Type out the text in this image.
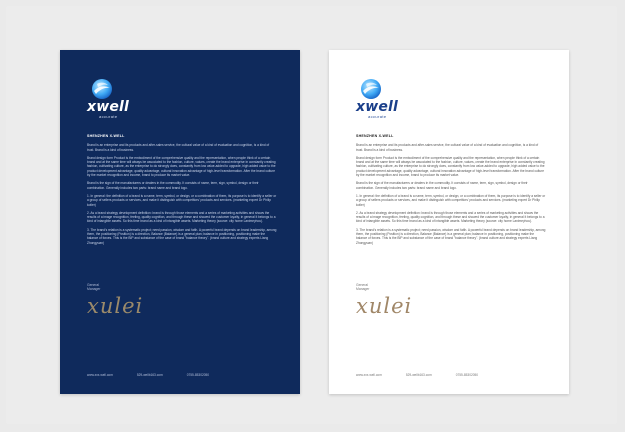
xwell
accurate
SHENZHEN X-WELL

Brand is an enterprise and its products and after-sales service, the cultural value of a kind of evaluation and cognition, is a kind of trust. Brand is a kind of business.

Brand design form Product is the embodiment of the comprehensive quality and the representation, when people think of a certain brand and at the same time will always be associated to the fashion, culture, values, create the brand enterprise in constantly creating fashion, cultivating culture, as the enterprise to do strongly does, constantly from low value-added to upgrade, high added value to the product development advantage, quality advantage, cultural innovation advantage of high-level transformation. After the brand culture by the market recognition and income, brand to produce its market value.

Brand is the sign of the manufacturers or dealers in the commodity. It consists of name, term, sign, symbol, design or their combination. Generally includes two parts: brand name and brand logo.

1. In general: the definition of a brand is a name, term, symbol, or design, or a combination of them, its purpose is to identify a seller or a group of sellers products or services, and make it distinguish with competitors' products and services. (marketing expert Dr Philip kotler)

2. As a brand strategy development definition: brand is through those elements and a series of marketing activities and shows the results of a image recognition, feeling, quality cognition, and through these and showed the customer loyalty, in general it belongs to a kind of intangible assets. So this time brand as a kind of intangible assets. Marketing theory (source: city home Lanimeyhou).

3. The brand's relation is a systematic project; need passion, wisdom and faith. A powerful brand depends on brand leadership, among them, the positioning (Position) is a direction, Balance (Balance) is a general plan; balance in positioning, positioning make the balance of forces. This is the BIP and substance of the case of brand "balance theory". (brand culture and strategy experts Liang Zhongyuan)

General
Manager
xulei
www.xxx-well.com	529-wellb163.com	0755-85302050
xwell
accurate
SHENZHEN X-WELL

Brand is an enterprise and its products and after-sales service, the cultural value of a kind of evaluation and cognition, is a kind of trust. Brand is a kind of business.

Brand design form Product is the embodiment of the comprehensive quality and the representation, when people think of a certain brand and at the same time will always be associated to the fashion, culture, values, create the brand enterprise in constantly creating fashion, cultivating culture, as the enterprise to do strongly does, constantly from low value-added to upgrade, high added value to the product development advantage, quality advantage, cultural innovation advantage of high-level transformation. After the brand culture by the market recognition and income, brand to produce its market value.

Brand is the sign of the manufacturers or dealers in the commodity. It consists of name, term, sign, symbol, design or their combination. Generally includes two parts: brand name and brand logo.

1. In general: the definition of a brand is a name, term, symbol, or design, or a combination of them, its purpose is to identify a seller or a group of sellers products or services, and make it distinguish with competitors' products and services. (marketing expert Dr Philip kotler)

2. As a brand strategy development definition: brand is through those elements and a series of marketing activities and shows the results of a image recognition, feeling, quality cognition, and through these and showed the customer loyalty, in general it belongs to a kind of intangible assets. So this time brand as a kind of intangible assets. Marketing theory (source: city home Lanimeyhou).

3. The brand's relation is a systematic project; need passion, wisdom and faith. A powerful brand depends on brand leadership, among them, the positioning (Position) is a direction, Balance (Balance) is a general plan; balance in positioning, positioning make the balance of forces. This is the BIP and substance of the case of brand "balance theory". (brand culture and strategy experts Liang Zhongyuan)

General
Manager
xulei
www.xxx-well.com	529-wellb163.com	0755-85302050
